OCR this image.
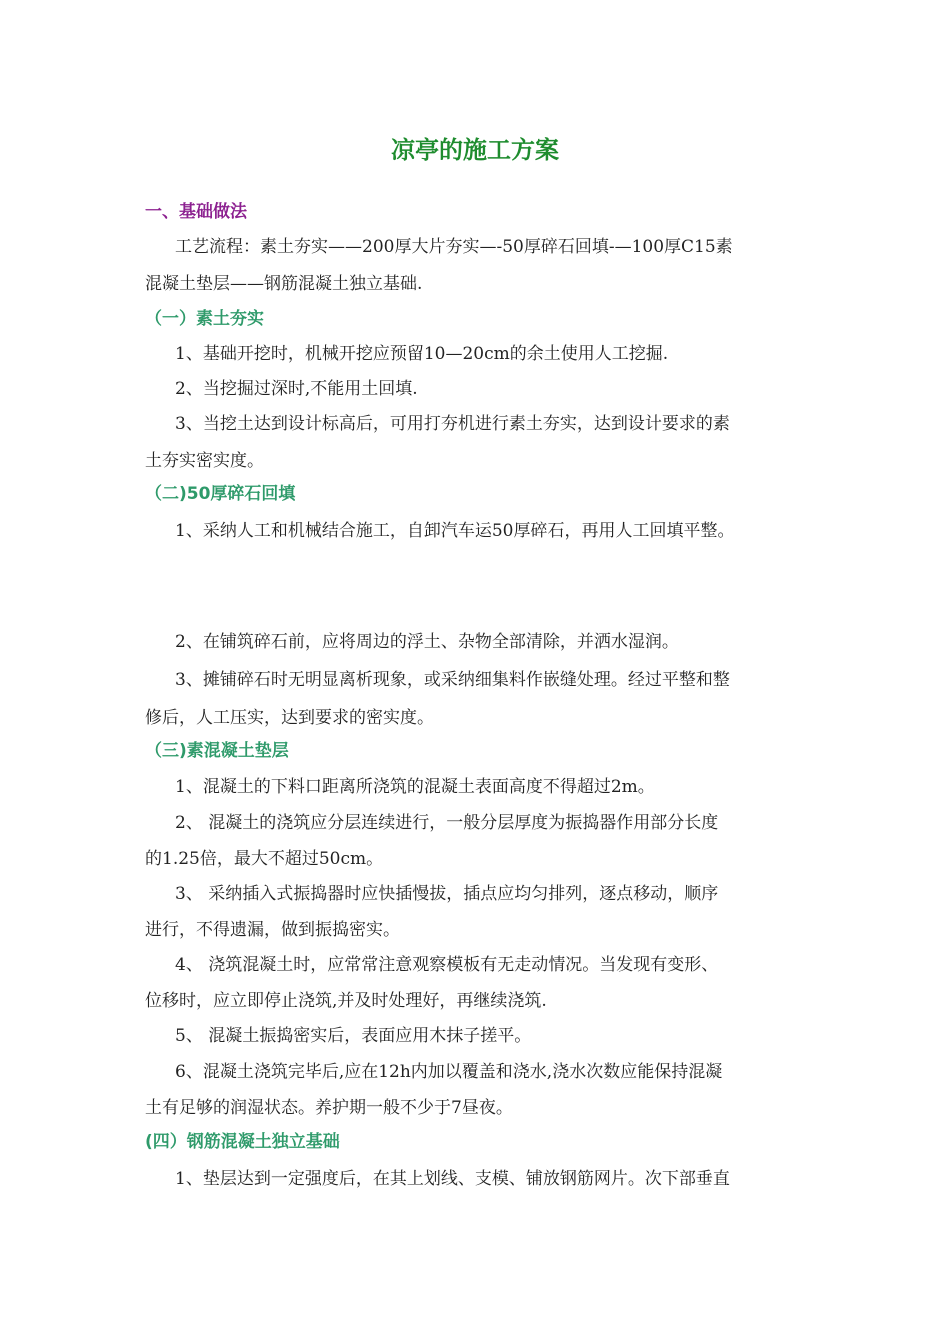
凉亭的施工方案
一、基础做法
工艺流程：素土夯实——200厚大片夯实—-50厚碎石回填-—100厚C15素
混凝土垫层——钢筋混凝土独立基础.
（一）素土夯实
1、基础开挖时，机械开挖应预留10—20cm的余土使用人工挖掘.
2、当挖掘过深时,不能用土回填.
3、当挖土达到设计标高后，可用打夯机进行素土夯实，达到设计要求的素
土夯实密实度。
（二)50厚碎石回填
1、采纳人工和机械结合施工，自卸汽车运50厚碎石，再用人工回填平整。
2、在铺筑碎石前，应将周边的浮土、杂物全部清除，并洒水湿润。
3、摊铺碎石时无明显离析现象，或采纳细集料作嵌缝处理。经过平整和整
修后，人工压实，达到要求的密实度。
（三)素混凝土垫层
1、混凝土的下料口距离所浇筑的混凝土表面高度不得超过2m。
2、 混凝土的浇筑应分层连续进行，一般分层厚度为振捣器作用部分长度
的1.25倍，最大不超过50cm。
3、 采纳插入式振捣器时应快插慢拔，插点应均匀排列，逐点移动，顺序
进行，不得遗漏，做到振捣密实。
4、 浇筑混凝土时，应常常注意观察模板有无走动情况。当发现有变形、
位移时，应立即停止浇筑,并及时处理好，再继续浇筑.
5、 混凝土振捣密实后，表面应用木抹子搓平。
6、混凝土浇筑完毕后,应在12h内加以覆盖和浇水,浇水次数应能保持混凝
土有足够的润湿状态。养护期一般不少于7昼夜。
(四）钢筋混凝土独立基础
1、垫层达到一定强度后，在其上划线、支模、铺放钢筋网片。次下部垂直
